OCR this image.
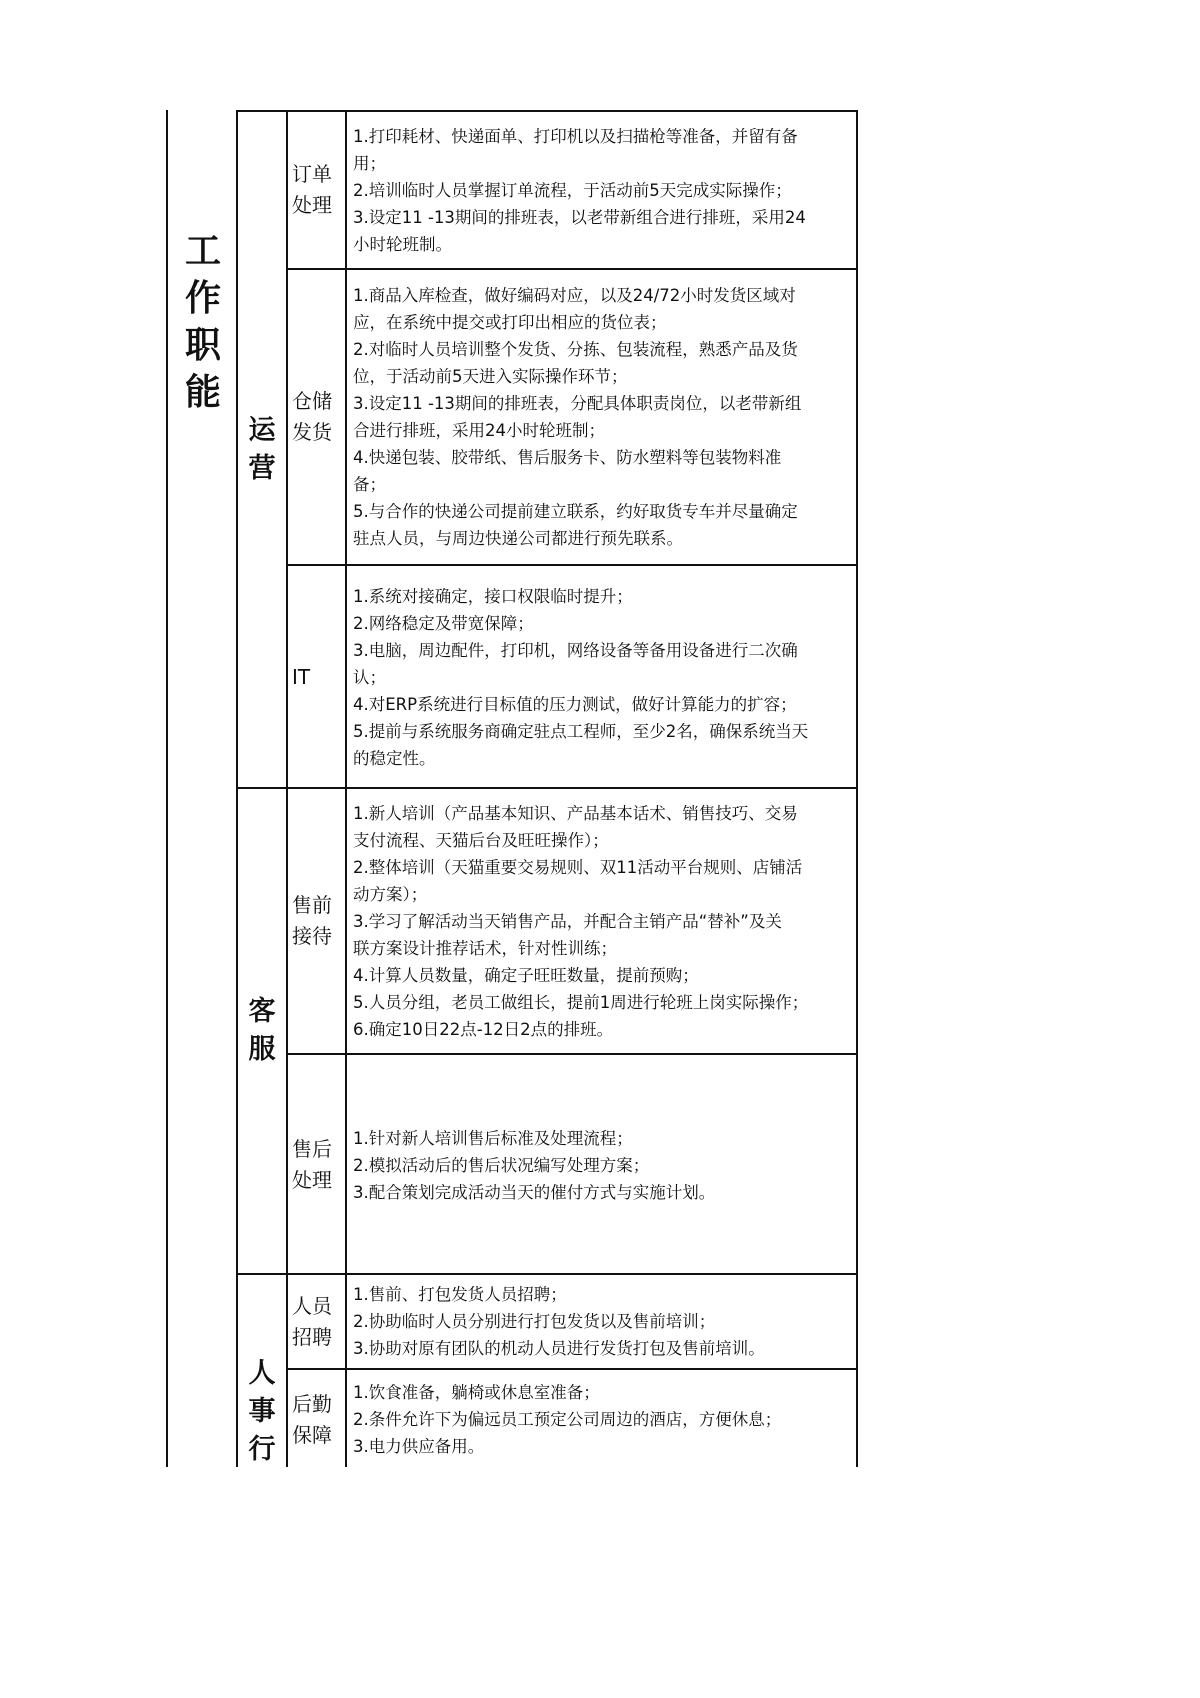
工
作
职
能
运营
订单处理
1.打印耗材、快递面单、打印机以及扫描枪等准备，并留有备
用；
2.培训临时人员掌握订单流程，于活动前5天完成实际操作；
3.设定11 -13期间的排班表，以老带新组合进行排班，采用24
小时轮班制。
仓储发货
1.商品入库检查，做好编码对应，以及24/72小时发货区域对
应，在系统中提交或打印出相应的货位表；
2.对临时人员培训整个发货、分拣、包装流程，熟悉产品及货
位，于活动前5天进入实际操作环节；
3.设定11 -13期间的排班表，分配具体职责岗位，以老带新组
合进行排班，采用24小时轮班制；
4.快递包装、胶带纸、售后服务卡、防水塑料等包装物料准
备；
5.与合作的快递公司提前建立联系，约好取货专车并尽量确定
驻点人员，与周边快递公司都进行预先联系。
IT
1.系统对接确定，接口权限临时提升；
2.网络稳定及带宽保障；
3.电脑，周边配件，打印机，网络设备等备用设备进行二次确
认；
4.对ERP系统进行目标值的压力测试，做好计算能力的扩容；
5.提前与系统服务商确定驻点工程师，至少2名，确保系统当天
的稳定性。
客服
售前接待
1.新人培训（产品基本知识、产品基本话术、销售技巧、交易
支付流程、天猫后台及旺旺操作）；
2.整体培训（天猫重要交易规则、双11活动平台规则、店铺活
动方案）；
3.学习了解活动当天销售产品，并配合主销产品“替补”及关
联方案设计推荐话术，针对性训练；
4.计算人员数量，确定子旺旺数量，提前预购；
5.人员分组，老员工做组长，提前1周进行轮班上岗实际操作；
6.确定10日22点-12日2点的排班。
售后处理
1.针对新人培训售后标准及处理流程；
2.模拟活动后的售后状况编写处理方案；
3.配合策划完成活动当天的催付方式与实施计划。
人事行
人员招聘
1.售前、打包发货人员招聘；
2.协助临时人员分别进行打包发货以及售前培训；
3.协助对原有团队的机动人员进行发货打包及售前培训。
后勤保障
1.饮食准备，躺椅或休息室准备；
2.条件允许下为偏远员工预定公司周边的酒店，方便休息；
3.电力供应备用。
